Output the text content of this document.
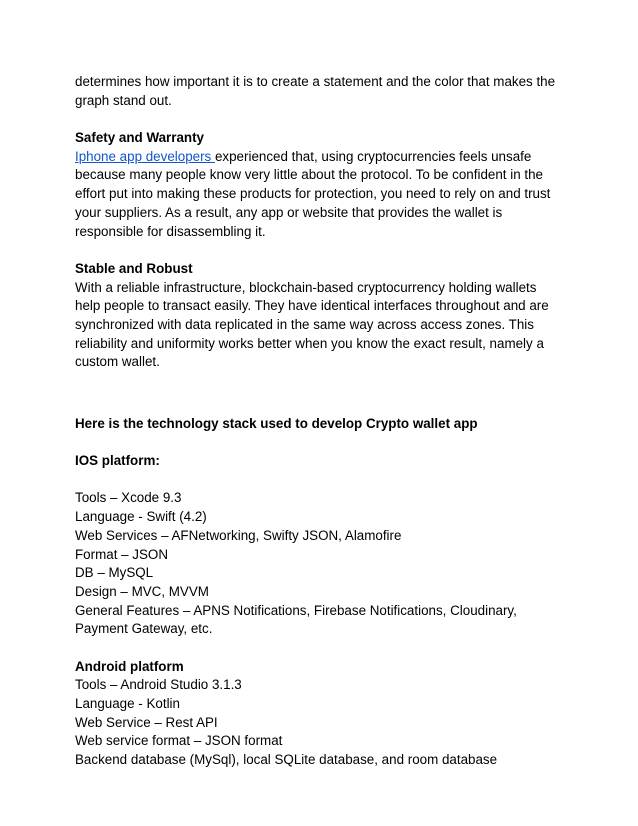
determines how important it is to create a statement and the color that makes the
graph stand out.
Safety and Warranty
Iphone app developers experienced that, using cryptocurrencies feels unsafe
because many people know very little about the protocol. To be confident in the
effort put into making these products for protection, you need to rely on and trust
your suppliers. As a result, any app or website that provides the wallet is
responsible for disassembling it.
Stable and Robust
With a reliable infrastructure, blockchain-based cryptocurrency holding wallets
help people to transact easily. They have identical interfaces throughout and are
synchronized with data replicated in the same way across access zones. This
reliability and uniformity works better when you know the exact result, namely a
custom wallet.
Here is the technology stack used to develop Crypto wallet app
IOS platform:
Tools – Xcode 9.3
Language - Swift (4.2)
Web Services – AFNetworking, Swifty JSON, Alamofire
Format – JSON
DB – MySQL
Design – MVC, MVVM
General Features – APNS Notifications, Firebase Notifications, Cloudinary,
Payment Gateway, etc.
Android platform
Tools – Android Studio 3.1.3
Language - Kotlin
Web Service – Rest API
Web service format – JSON format
Backend database (MySql), local SQLite database, and room database
